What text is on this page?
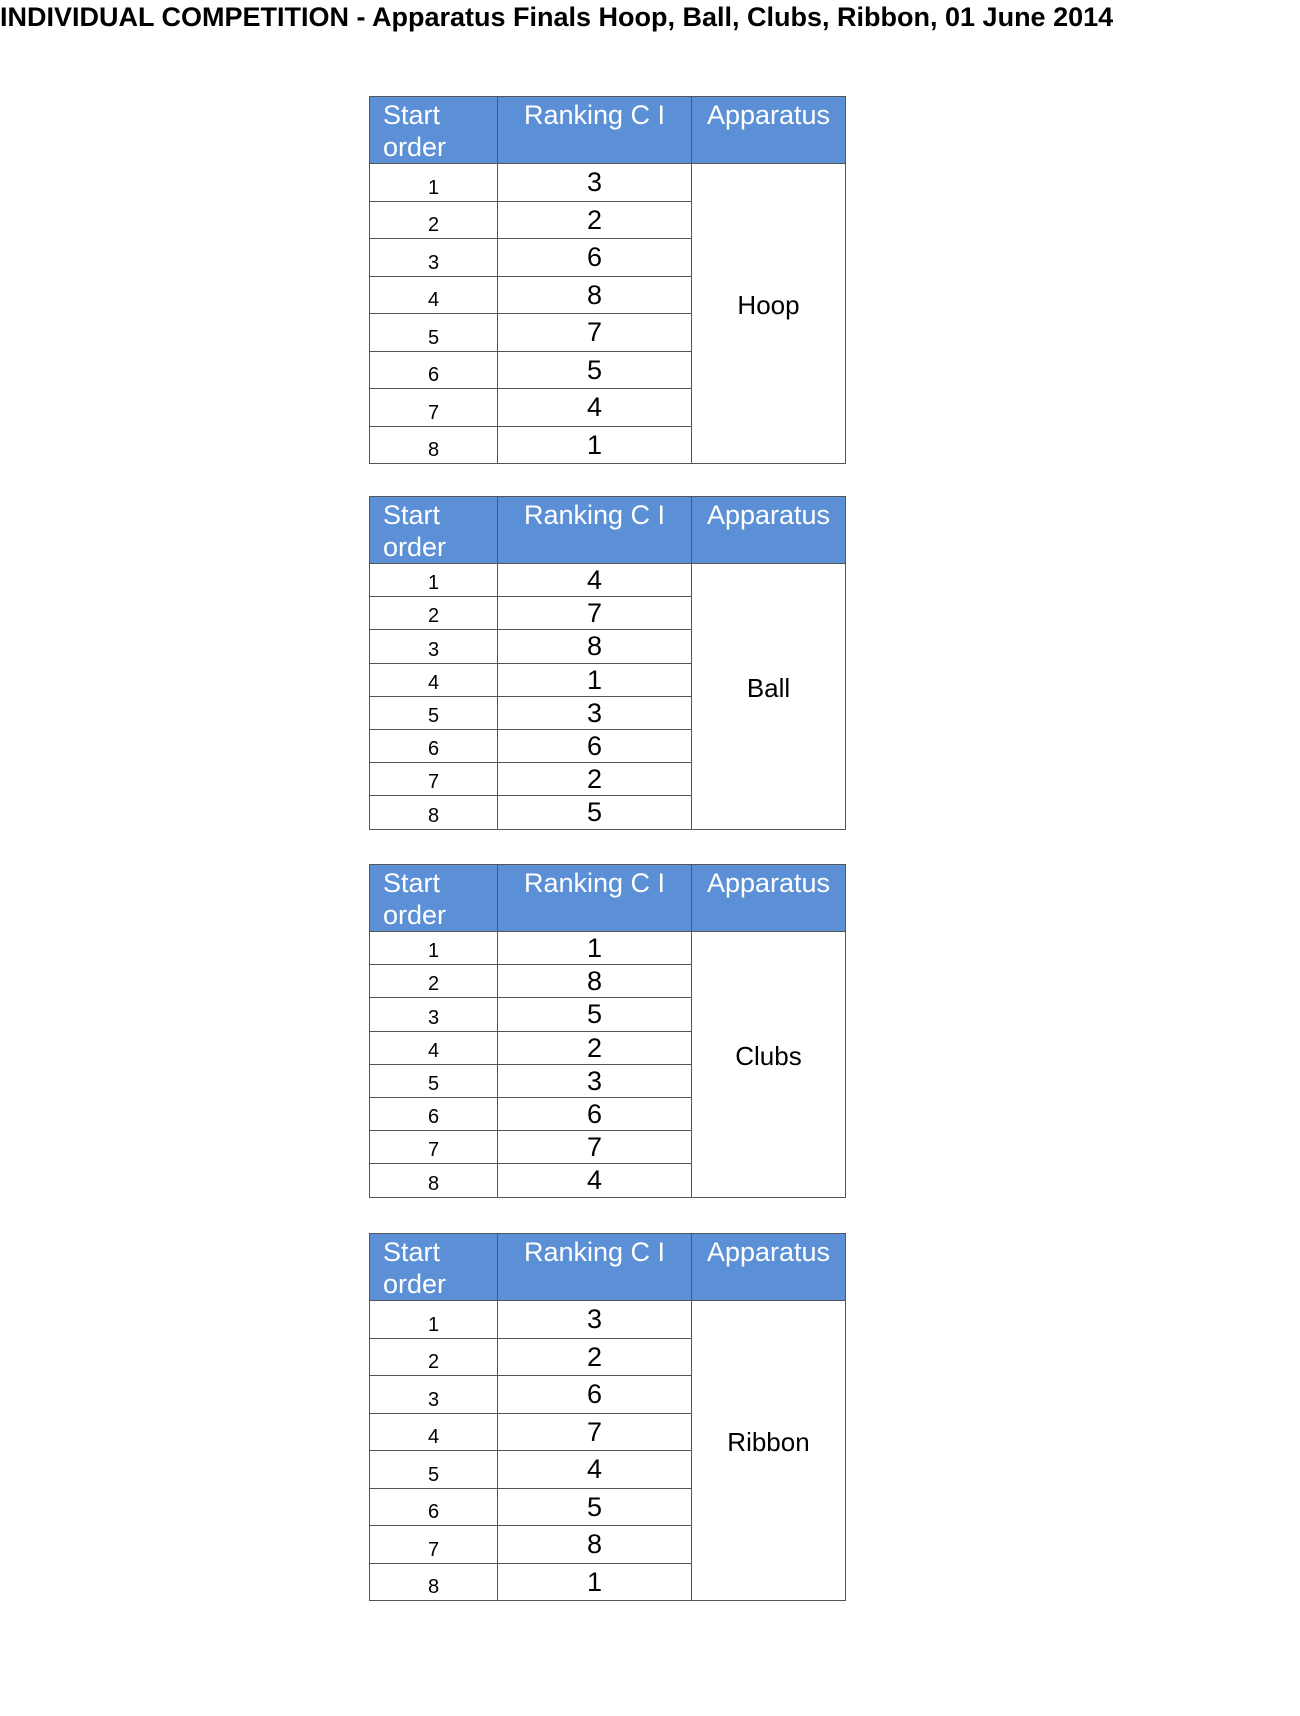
INDIVIDUAL COMPETITION - Apparatus Finals Hoop, Ball, Clubs, Ribbon, 01 June 2014
Start
order	Ranking C I	Apparatus
1	3	Hoop
2	2	
3	6	
4	8	
5	7	
6	5	
7	4	
8	1	
Start
order	Ranking C I	Apparatus
1	4	Ball
2	7	
3	8	
4	1	
5	3	
6	6	
7	2	
8	5	
Start
order	Ranking C I	Apparatus
1	1	Clubs
2	8	
3	5	
4	2	
5	3	
6	6	
7	7	
8	4	
Start
order	Ranking C I	Apparatus
1	3	Ribbon
2	2	
3	6	
4	7	
5	4	
6	5	
7	8	
8	1	
